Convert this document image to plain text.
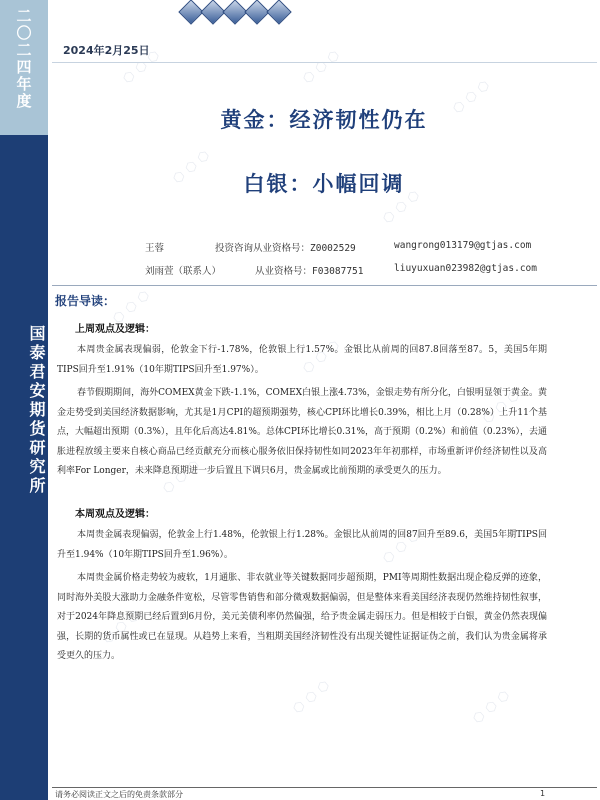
二〇二四年度
国泰君安期货研究所
⬡ ⬡ ⬡	⬡ ⬡ ⬡
⬡ ⬡ ⬡
⬡ ⬡ ⬡
⬡ ⬡ ⬡
⬡ ⬡ ⬡
⬡ ⬡ ⬡
⬡ ⬡ ⬡
⬡ ⬡ ⬡
⬡ ⬡ ⬡
⬡ ⬡ ⬡
⬡ ⬡ ⬡	⬡ ⬡ ⬡
2024年2月25日
黄金：经济韧性仍在
白银：小幅回调
王蓉	投资咨询从业资格号：Z0002529	wangrong013179@gtjas.com
刘雨萱（联系人）	从业资格号：F03087751	liuyuxuan023982@gtjas.com
报告导读：
上周观点及逻辑：
本周贵金属表现偏弱，伦敦金下行-1.78%，伦敦银上行1.57%。金银比从前周的回87.8回落至87。5，美国5年期TIPS回升至1.91%（10年期TIPS回升至1.97%）。
春节假期期间，海外COMEX黄金下跌-1.1%，COMEX白银上涨4.73%，金银走势有所分化，白银明显领于黄金。黄金走势受到美国经济数据影响，尤其是1月CPI的超预期强势，核心CPI环比增长0.39%，相比上月（0.28%）上升11个基点，大幅超出预期（0.3%），且年化后高达4.81%。总体CPI环比增长0.31%，高于预期（0.2%）和前值（0.23%），去通胀进程放缓主要来自核心商品已经贡献充分而核心服务依旧保持韧性如同2023年年初那样，市场重新评价经济韧性以及高利率For Longer，未来降息预期进一步后置且下调只6月，贵金属或比前预期的承受更久的压力。
本周观点及逻辑：
本周贵金属表现偏弱，伦敦金上行1.48%，伦敦银上行1.28%。金银比从前周的回87回升至89.6，美国5年期TIPS回升至1.94%（10年期TIPS回升至1.96%）。
本周贵金属价格走势较为疲软，1月通胀、非农就业等关键数据同步超预期，PMI等周期性数据出现企稳反弹的迹象，同时海外美股大涨助力金融条件宽松，尽管零售销售和部分微观数据偏弱，但是整体来看美国经济表现仍然维持韧性叙事，对于2024年降息预期已经后置到6月份，美元美债利率仍然偏强，给予贵金属走弱压力。但是相较于白银，黄金仍然表现偏强，长期的货币属性或已在显现。从趋势上来看，当粗期美国经济韧性没有出现关键性证据证伪之前，我们认为贵金属将承受更久的压力。
请务必阅读正文之后的免责条款部分	1
